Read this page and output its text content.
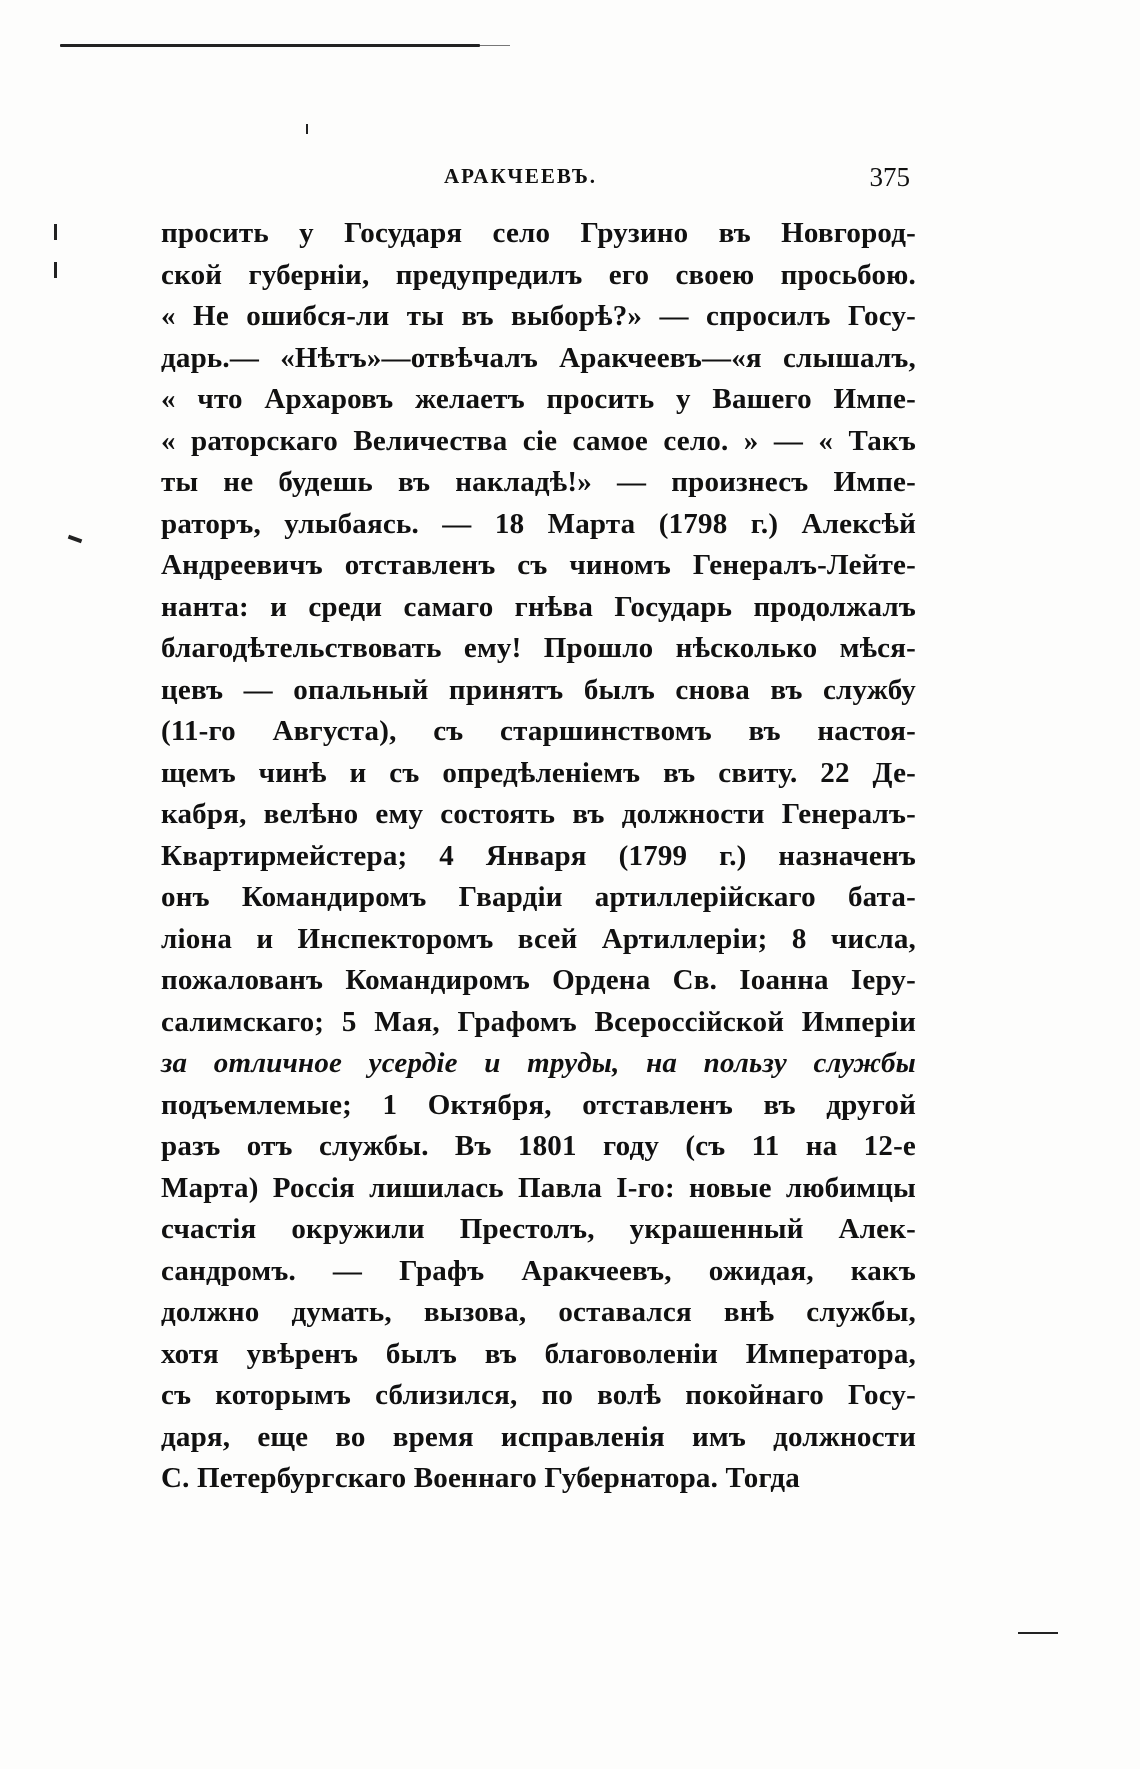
АРАКЧЕЕВЪ.	375
просить у Государя село Грузино въ Новгород-
ской губерніи, предупредилъ его своею просьбою.
« Не ошибся-ли ты въ выборѣ?» — спросилъ Госу-
дарь.— «Нѣтъ»—отвѣчалъ Аракчеевъ—«я слышалъ,
« что Архаровъ желаетъ просить у Вашего Импе-
« раторскаго Величества сіе самое село. » — « Такъ
ты не будешь въ накладѣ!» — произнесъ Импе-
раторъ, улыбаясь. — 18 Марта (1798 г.) Алексѣй
Андреевичъ отставленъ съ чиномъ Генералъ-Лейте-
нанта: и среди самаго гнѣва Государь продолжалъ
благодѣтельствовать ему! Прошло нѣсколько мѣся-
цевъ — опальный принятъ былъ снова въ службу
(11-го Августа), съ старшинствомъ въ настоя-
щемъ чинѣ и съ опредѣленіемъ въ свиту. 22 Де-
кабря, велѣно ему состоять въ должности Генералъ-
Квартирмейстера; 4 Января (1799 г.) назначенъ
онъ Командиромъ Гвардіи артиллерійскаго бата-
ліона и Инспекторомъ всей Артиллеріи; 8 числа,
пожалованъ Командиромъ Ордена Св. Іоанна Іеру-
салимскаго; 5 Мая, Графомъ Всероссійской Имперіи
за отличное усердіе и труды, на пользу службы
подъемлемые; 1 Октября, отставленъ въ другой
разъ отъ службы. Въ 1801 году (съ 11 на 12-е
Марта) Россія лишилась Павла І-го: новые любимцы
счастія окружили Престолъ, украшенный Алек-
сандромъ. — Графъ Аракчеевъ, ожидая, какъ
должно думать, вызова, оставался внѣ службы,
хотя увѣренъ былъ въ благоволеніи Императора,
съ которымъ сблизился, по волѣ покойнаго Госу-
даря, еще во время исправленія имъ должности
С. Петербургскаго Военнаго Губернатора. Тогда
